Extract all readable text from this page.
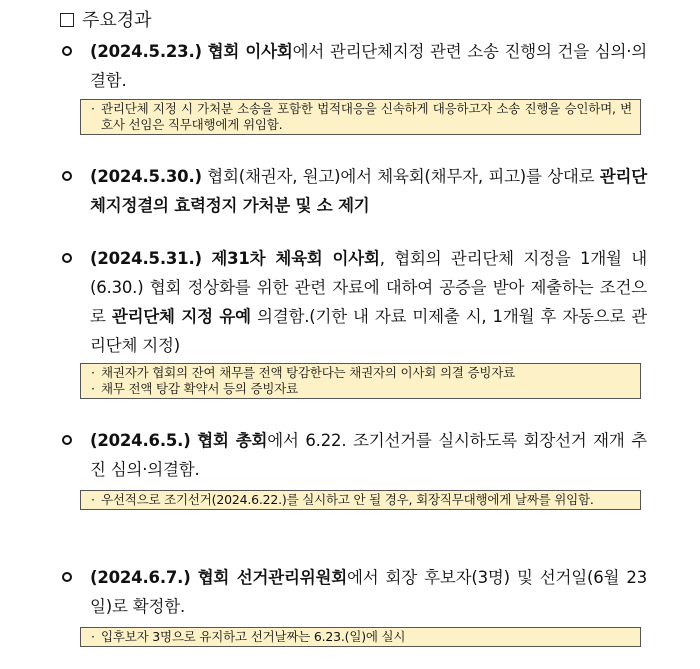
주요경과
(2024.5.23.) 협회 이사회에서 관리단체지정 관련 소송 진행의 건을 심의·의결함.
· 관리단체 지정 시 가처분 소송을 포함한 법적대응을 신속하게 대응하고자 소송 진행을 승인하며, 변호사 선임은 직무대행에게 위임함.
(2024.5.30.) 협회(채권자, 원고)에서 체육회(채무자, 피고)를 상대로 관리단체지정결의 효력정지 가처분 및 소 제기
(2024.5.31.) 제31차 체육회 이사회, 협회의 관리단체 지정을 1개월 내(6.30.) 협회 정상화를 위한 관련 자료에 대하여 공증을 받아 제출하는 조건으로 관리단체 지정 유예 의결함.(기한 내 자료 미제출 시, 1개월 후 자동으로 관리단체 지정)
· 채권자가 협회의 잔여 채무를 전액 탕감한다는 채권자의 이사회 의결 증빙자료
· 채무 전액 탕감 확약서 등의 증빙자료
(2024.6.5.) 협회 총회에서 6.22. 조기선거를 실시하도록 회장선거 재개 추진 심의·의결함.
· 우선적으로 조기선거(2024.6.22.)를 실시하고 안 될 경우, 회장직무대행에게 날짜를 위임함.
(2024.6.7.) 협회 선거관리위원회에서 회장 후보자(3명) 및 선거일(6월 23일)로 확정함.
· 입후보자 3명으로 유지하고 선거날짜는 6.23.(일)에 실시
